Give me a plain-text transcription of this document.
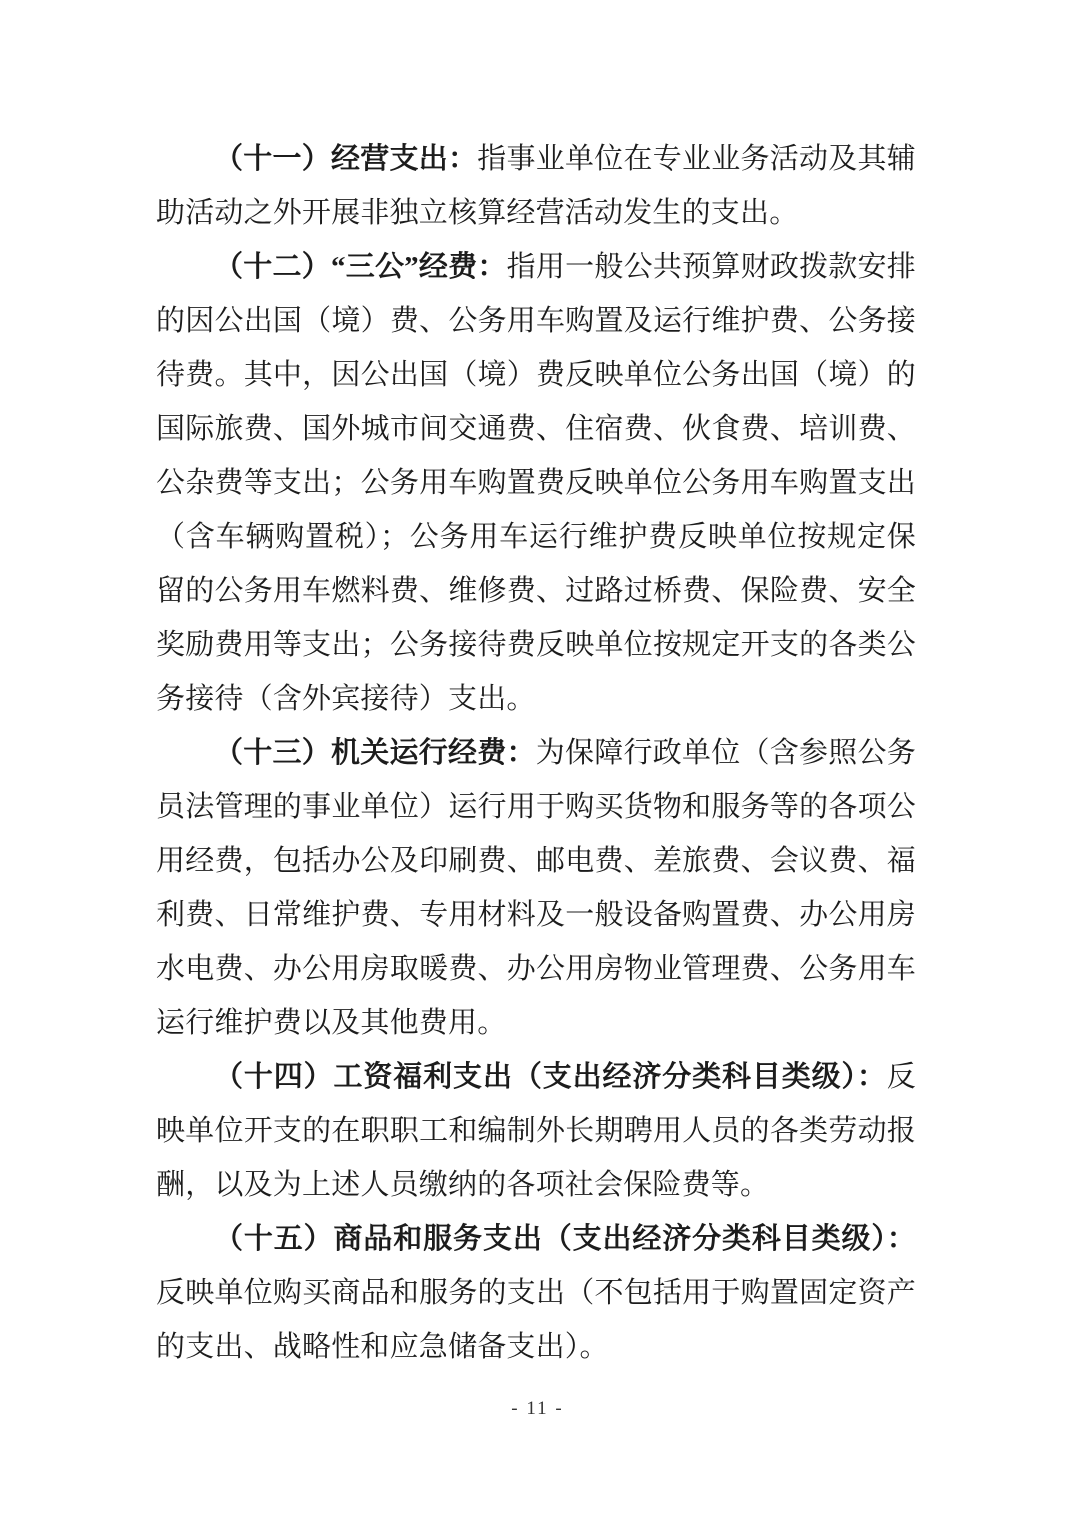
（十一）经营支出：指事业单位在专业业务活动及其辅助活动之外开展非独立核算经营活动发生的支出。

（十二）“三公”经费：指用一般公共预算财政拨款安排的因公出国（境）费、公务用车购置及运行维护费、公务接待费。其中，因公出国（境）费反映单位公务出国（境）的国际旅费、国外城市间交通费、住宿费、伙食费、培训费、公杂费等支出；公务用车购置费反映单位公务用车购置支出（含车辆购置税）；公务用车运行维护费反映单位按规定保留的公务用车燃料费、维修费、过路过桥费、保险费、安全奖励费用等支出；公务接待费反映单位按规定开支的各类公务接待（含外宾接待）支出。

（十三）机关运行经费：为保障行政单位（含参照公务员法管理的事业单位）运行用于购买货物和服务等的各项公用经费，包括办公及印刷费、邮电费、差旅费、会议费、福利费、日常维护费、专用材料及一般设备购置费、办公用房水电费、办公用房取暖费、办公用房物业管理费、公务用车运行维护费以及其他费用。

（十四）工资福利支出（支出经济分类科目类级）：反映单位开支的在职职工和编制外长期聘用人员的各类劳动报酬，以及为上述人员缴纳的各项社会保险费等。

（十五）商品和服务支出（支出经济分类科目类级）：反映单位购买商品和服务的支出（不包括用于购置固定资产的支出、战略性和应急储备支出）。

- 11 -
